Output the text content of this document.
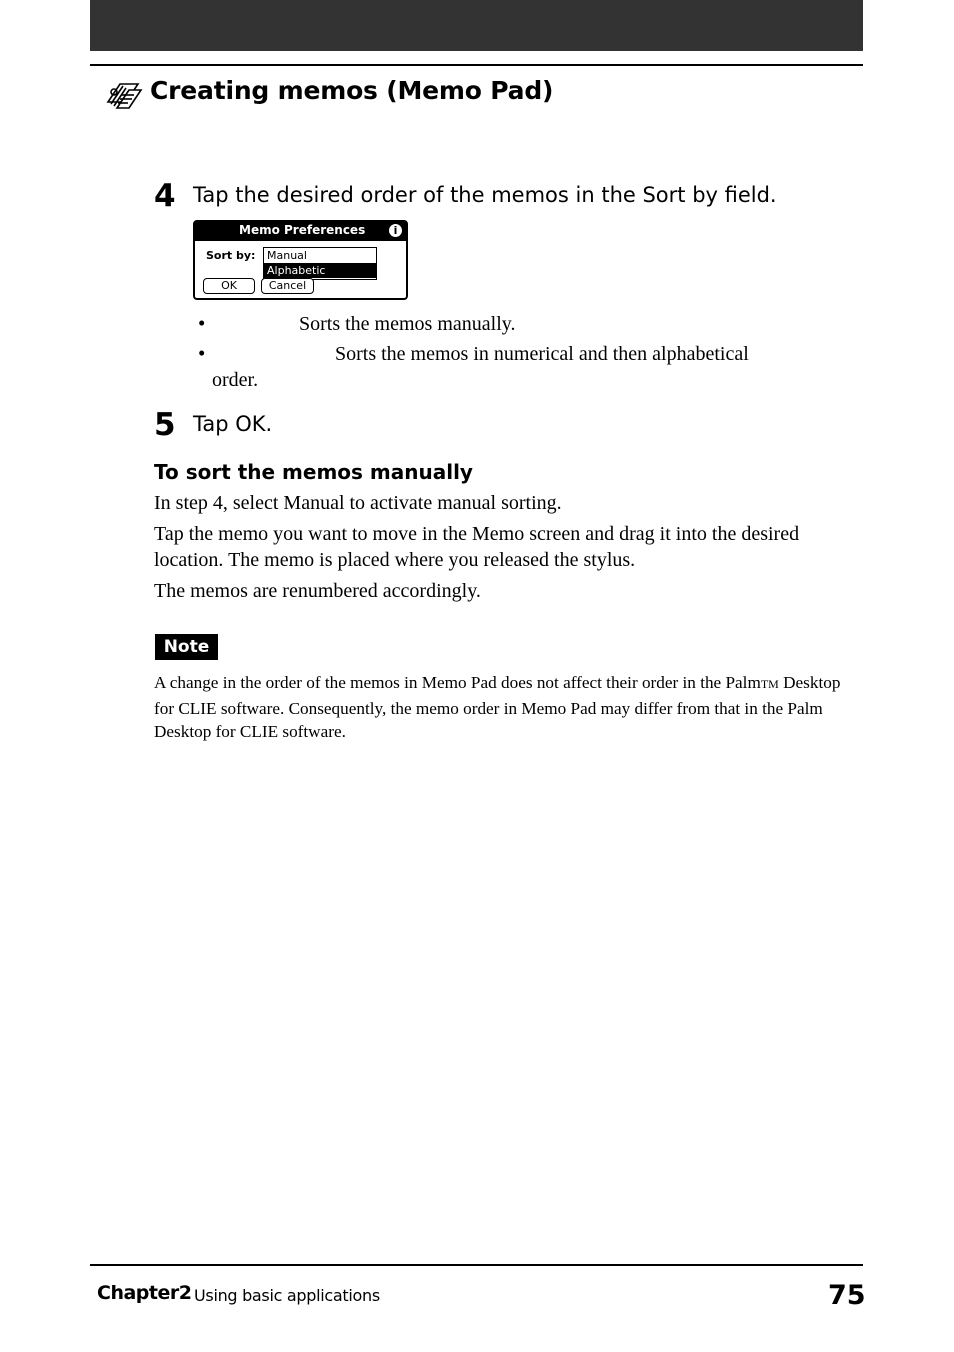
Creating memos (Memo Pad)
4 Tap the desired order of the memos in the Sort by field.
Memo Preferences	i
Sort by: Manual
Alphabetic
OK	Cancel
•	Sorts the memos manually.
•	Sorts the memos in numerical and then alphabetical
order.
5 Tap OK.
To sort the memos manually
In step 4, select Manual to activate manual sorting.
Tap the memo you want to move in the Memo screen and drag it into the desired location. The memo is placed where you released the stylus.
The memos are renumbered accordingly.
Note
A change in the order of the memos in Memo Pad does not affect their order in the PalmTM Desktop for CLIE software. Consequently, the memo order in Memo Pad may differ from that in the Palm Desktop for CLIE software.
Chapter2 Using basic applications	75
